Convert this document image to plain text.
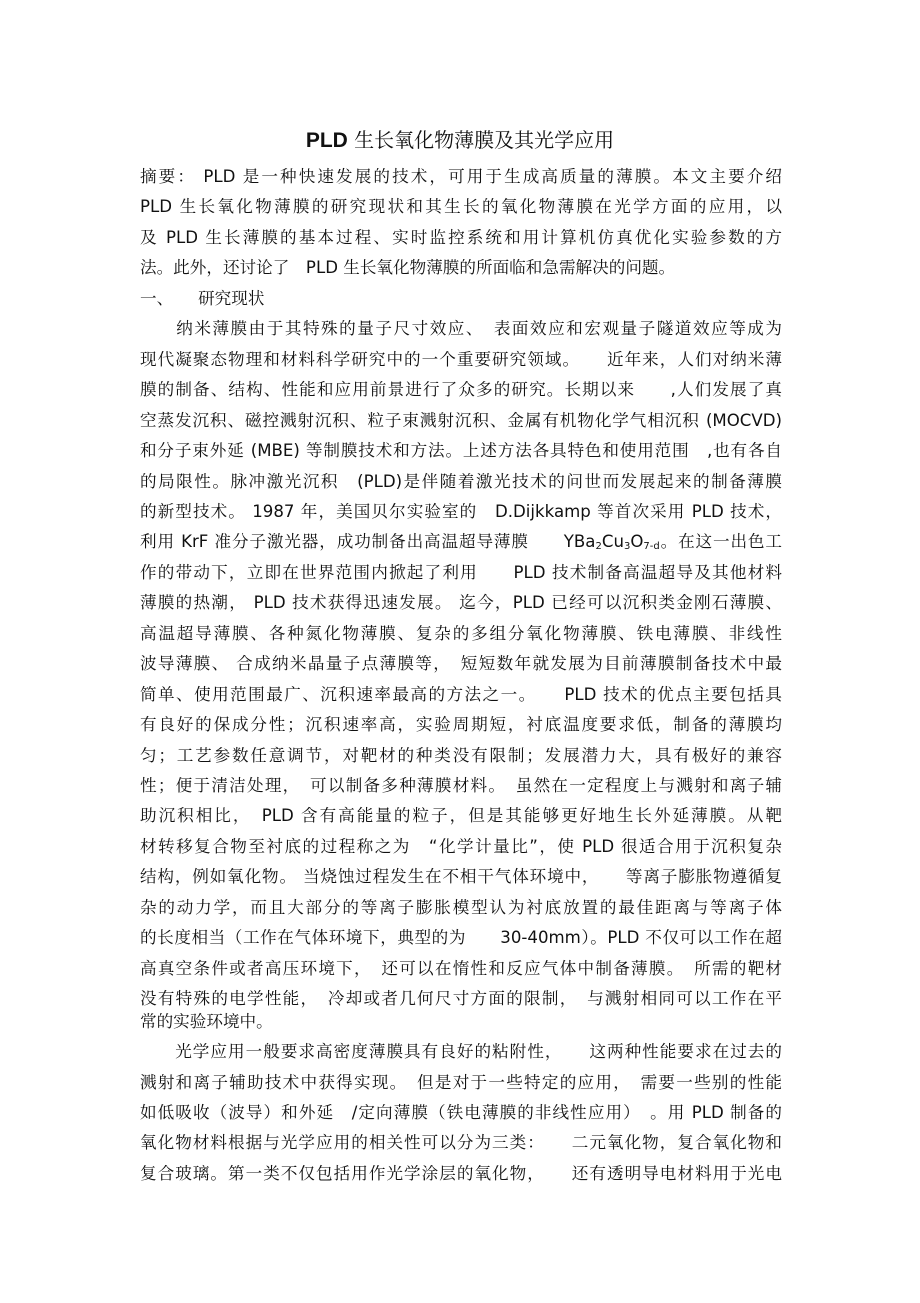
PLD 生长氧化物薄膜及其光学应用
摘要： PLD 是一种快速发展的技术，可用于生成高质量的薄膜。本文主要介绍
PLD 生长氧化物薄膜的研究现状和其生长的氧化物薄膜在光学方面的应用，以
及 PLD 生长薄膜的基本过程、实时监控系统和用计算机仿真优化实验参数的方
法。此外，还讨论了　PLD 生长氧化物薄膜的所面临和急需解决的问题。
一、　　研究现状
　　纳米薄膜由于其特殊的量子尺寸效应、　表面效应和宏观量子隧道效应等成为
现代凝聚态物理和材料科学研究中的一个重要研究领域。　　近年来，人们对纳米薄
膜的制备、结构、性能和应用前景进行了众多的研究。长期以来　　,人们发展了真
空蒸发沉积、磁控溅射沉积、粒子束溅射沉积、金属有机物化学气相沉积 (MOCVD)
和分子束外延 (MBE) 等制膜技术和方法。上述方法各具特色和使用范围　,也有各自
的局限性。脉冲激光沉积　(PLD)是伴随着激光技术的问世而发展起来的制备薄膜
的新型技术。 1987 年，美国贝尔实验室的　D.Dijkkamp 等首次采用 PLD 技术，
利用 KrF 准分子激光器，成功制备出高温超导薄膜　　$YBa_2Cu_3O_{7-d}$。在这一出色工
作的带动下，立即在世界范围内掀起了利用　　PLD 技术制备高温超导及其他材料
薄膜的热潮， PLD 技术获得迅速发展。 迄今，PLD 已经可以沉积类金刚石薄膜、
高温超导薄膜、各种氮化物薄膜、复杂的多组分氧化物薄膜、铁电薄膜、非线性
波导薄膜、 合成纳米晶量子点薄膜等，　短短数年就发展为目前薄膜制备技术中最
简单、使用范围最广、沉积速率最高的方法之一。　　PLD 技术的优点主要包括具
有良好的保成分性；沉积速率高，实验周期短，衬底温度要求低，制备的薄膜均
匀；工艺参数任意调节，对靶材的种类没有限制；发展潜力大，具有极好的兼容
性；便于清洁处理，　可以制备多种薄膜材料。　虽然在一定程度上与溅射和离子辅
助沉积相比，　PLD 含有高能量的粒子，但是其能够更好地生长外延薄膜。从靶
材转移复合物至衬底的过程称之为　“化学计量比”，使 PLD 很适合用于沉积复杂
结构，例如氧化物。 当烧蚀过程发生在不相干气体环境中，　　等离子膨胀物遵循复
杂的动力学，而且大部分的等离子膨胀模型认为衬底放置的最佳距离与等离子体
的长度相当（工作在气体环境下，典型的为　　30-40mm）。PLD 不仅可以工作在超
高真空条件或者高压环境下，　还可以在惰性和反应气体中制备薄膜。　所需的靶材
没有特殊的电学性能，　冷却或者几何尺寸方面的限制，　与溅射相同可以工作在平
常的实验环境中。
　　光学应用一般要求高密度薄膜具有良好的粘附性，　　这两种性能要求在过去的
溅射和离子辅助技术中获得实现。　但是对于一些特定的应用，　需要一些别的性能
如低吸收（波导）和外延　/定向薄膜（铁电薄膜的非线性应用）　。用 PLD 制备的
氧化物材料根据与光学应用的相关性可以分为三类：　　二元氧化物，复合氧化物和
复合玻璃。第一类不仅包括用作光学涂层的氧化物，　　还有透明导电材料用于光电
